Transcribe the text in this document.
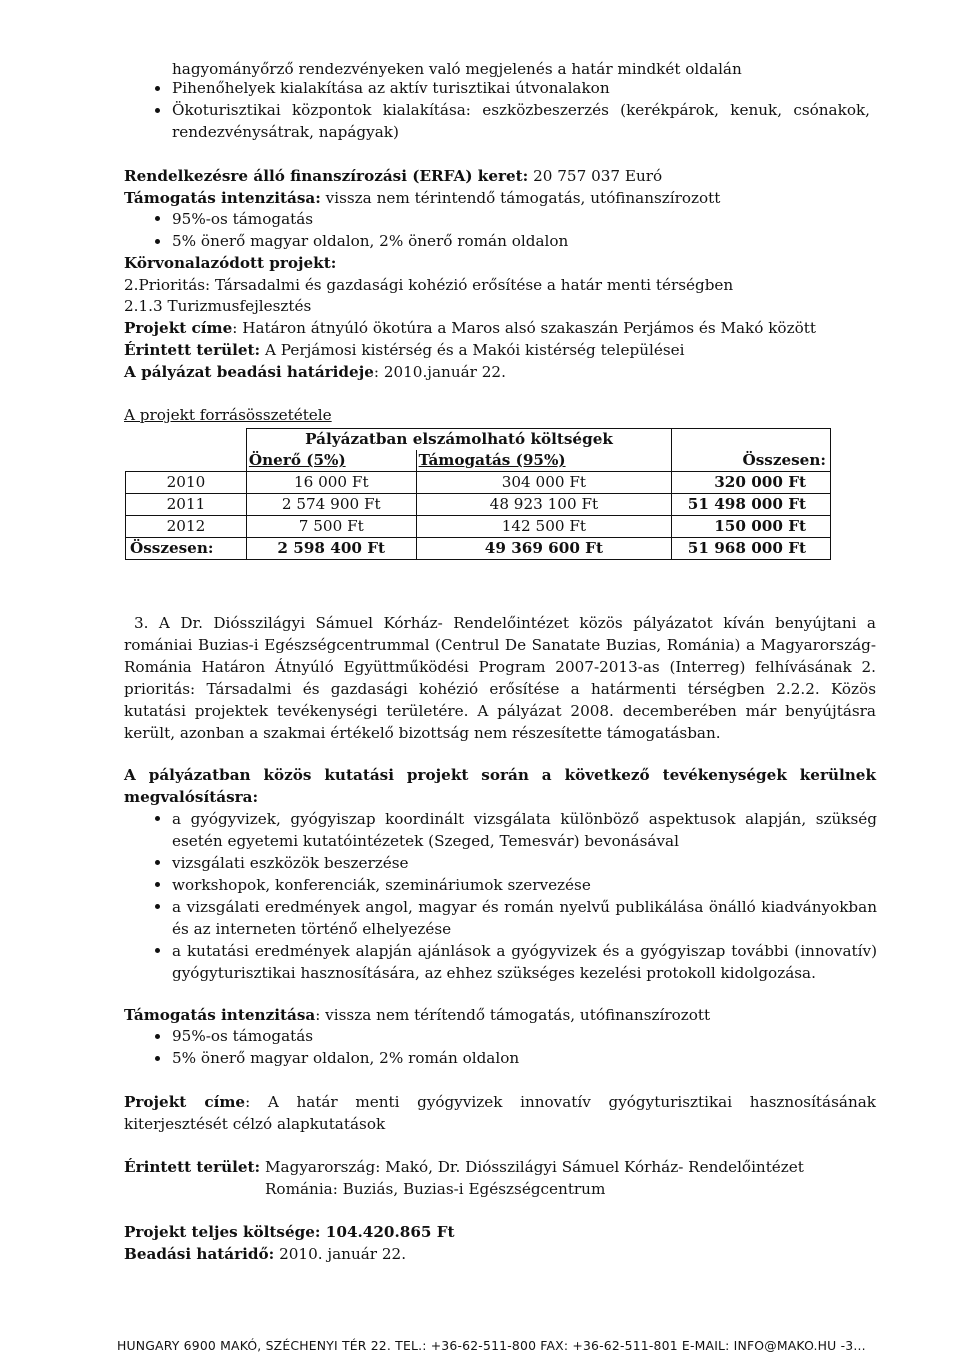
hagyományőrző rendezvényeken való megjelenés a határ mindkét oldalán
Pihenőhelyek kialakítása az aktív turisztikai útvonalakon
Ökoturisztikai központok kialakítása: eszközbeszerzés (kerékpárok, kenuk, csónakok,
rendezvénysátrak, napágyak)
Rendelkezésre álló finanszírozási (ERFA) keret: 20 757 037 Euró
Támogatás intenzitása: vissza nem térintendő támogatás, utófinanszírozott
95%-os támogatás
5% önerő magyar oldalon, 2% önerő román oldalon
Körvonalazódott projekt:
2.Prioritás: Társadalmi és gazdasági kohézió erősítése a határ menti térségben
2.1.3 Turizmusfejlesztés
Projekt címe: Határon átnyúló ökotúra a Maros alsó szakaszán Perjámos és Makó között
Érintett terület: A Perjámosi kistérség és a Makói kistérség települései
A pályázat beadási határideje: 2010.január 22.
A projekt forrásösszetétele
	Pályázatban elszámolható költségek		
	Önerő (5%)	Támogatás (95%)	Összesen:
2010	16 000 Ft	304 000 Ft	320 000 Ft
2011	2 574 900 Ft	48 923 100 Ft	51 498 000 Ft
2012	7 500 Ft	142 500 Ft	150 000 Ft
Összesen:	2 598 400 Ft	49 369 600 Ft	51 968 000 Ft
3. A Dr. Diósszilágyi Sámuel Kórház- Rendelőintézet közös pályázatot kíván benyújtani a romániai Buzias-i Egészségcentrummal (Centrul De Sanatate Buzias, Románia) a Magyarország-Románia Határon Átnyúló Együttműködési Program 2007-2013-as (Interreg) felhívásának 2. prioritás: Társadalmi és gazdasági kohézió erősítése a határmenti térségben 2.2.2. Közös kutatási projektek tevékenységi területére. A pályázat 2008. decemberében már benyújtásra került, azonban a szakmai értékelő bizottság nem részesítette támogatásban.
A pályázatban közös kutatási projekt során a következő tevékenységek kerülnek megvalósításra:
a gyógyvizek, gyógyiszap koordinált vizsgálata különböző aspektusok alapján, szükség esetén egyetemi kutatóintézetek (Szeged, Temesvár) bevonásával
vizsgálati eszközök beszerzése
workshopok, konferenciák, szemináriumok szervezése
a vizsgálati eredmények angol, magyar és román nyelvű publikálása önálló kiadványokban és az interneten történő elhelyezése
a kutatási eredmények alapján ajánlások a gyógyvizek és a gyógyiszap további (innovatív) gyógyturisztikai hasznosítására, az ehhez szükséges kezelési protokoll kidolgozása.
Támogatás intenzitása: vissza nem térítendő támogatás, utófinanszírozott
95%-os támogatás
5% önerő magyar oldalon, 2% román oldalon
Projekt címe: A határ menti gyógyvizek innovatív gyógyturisztikai hasznosításának kiterjesztését célzó alapkutatások
Érintett terület: Magyarország: Makó, Dr. Diósszilágyi Sámuel Kórház- Rendelőintézet
Románia: Buziás, Buzias-i Egészségcentrum
Projekt teljes költsége: 104.420.865 Ft
Beadási határidő: 2010. január 22.
HUNGARY 6900 MAKÓ, SZÉCHENYI TÉR 22. TEL.: +36-62-511-800 FAX: +36-62-511-801 E-MAIL: INFO@MAKO.HU -3...
